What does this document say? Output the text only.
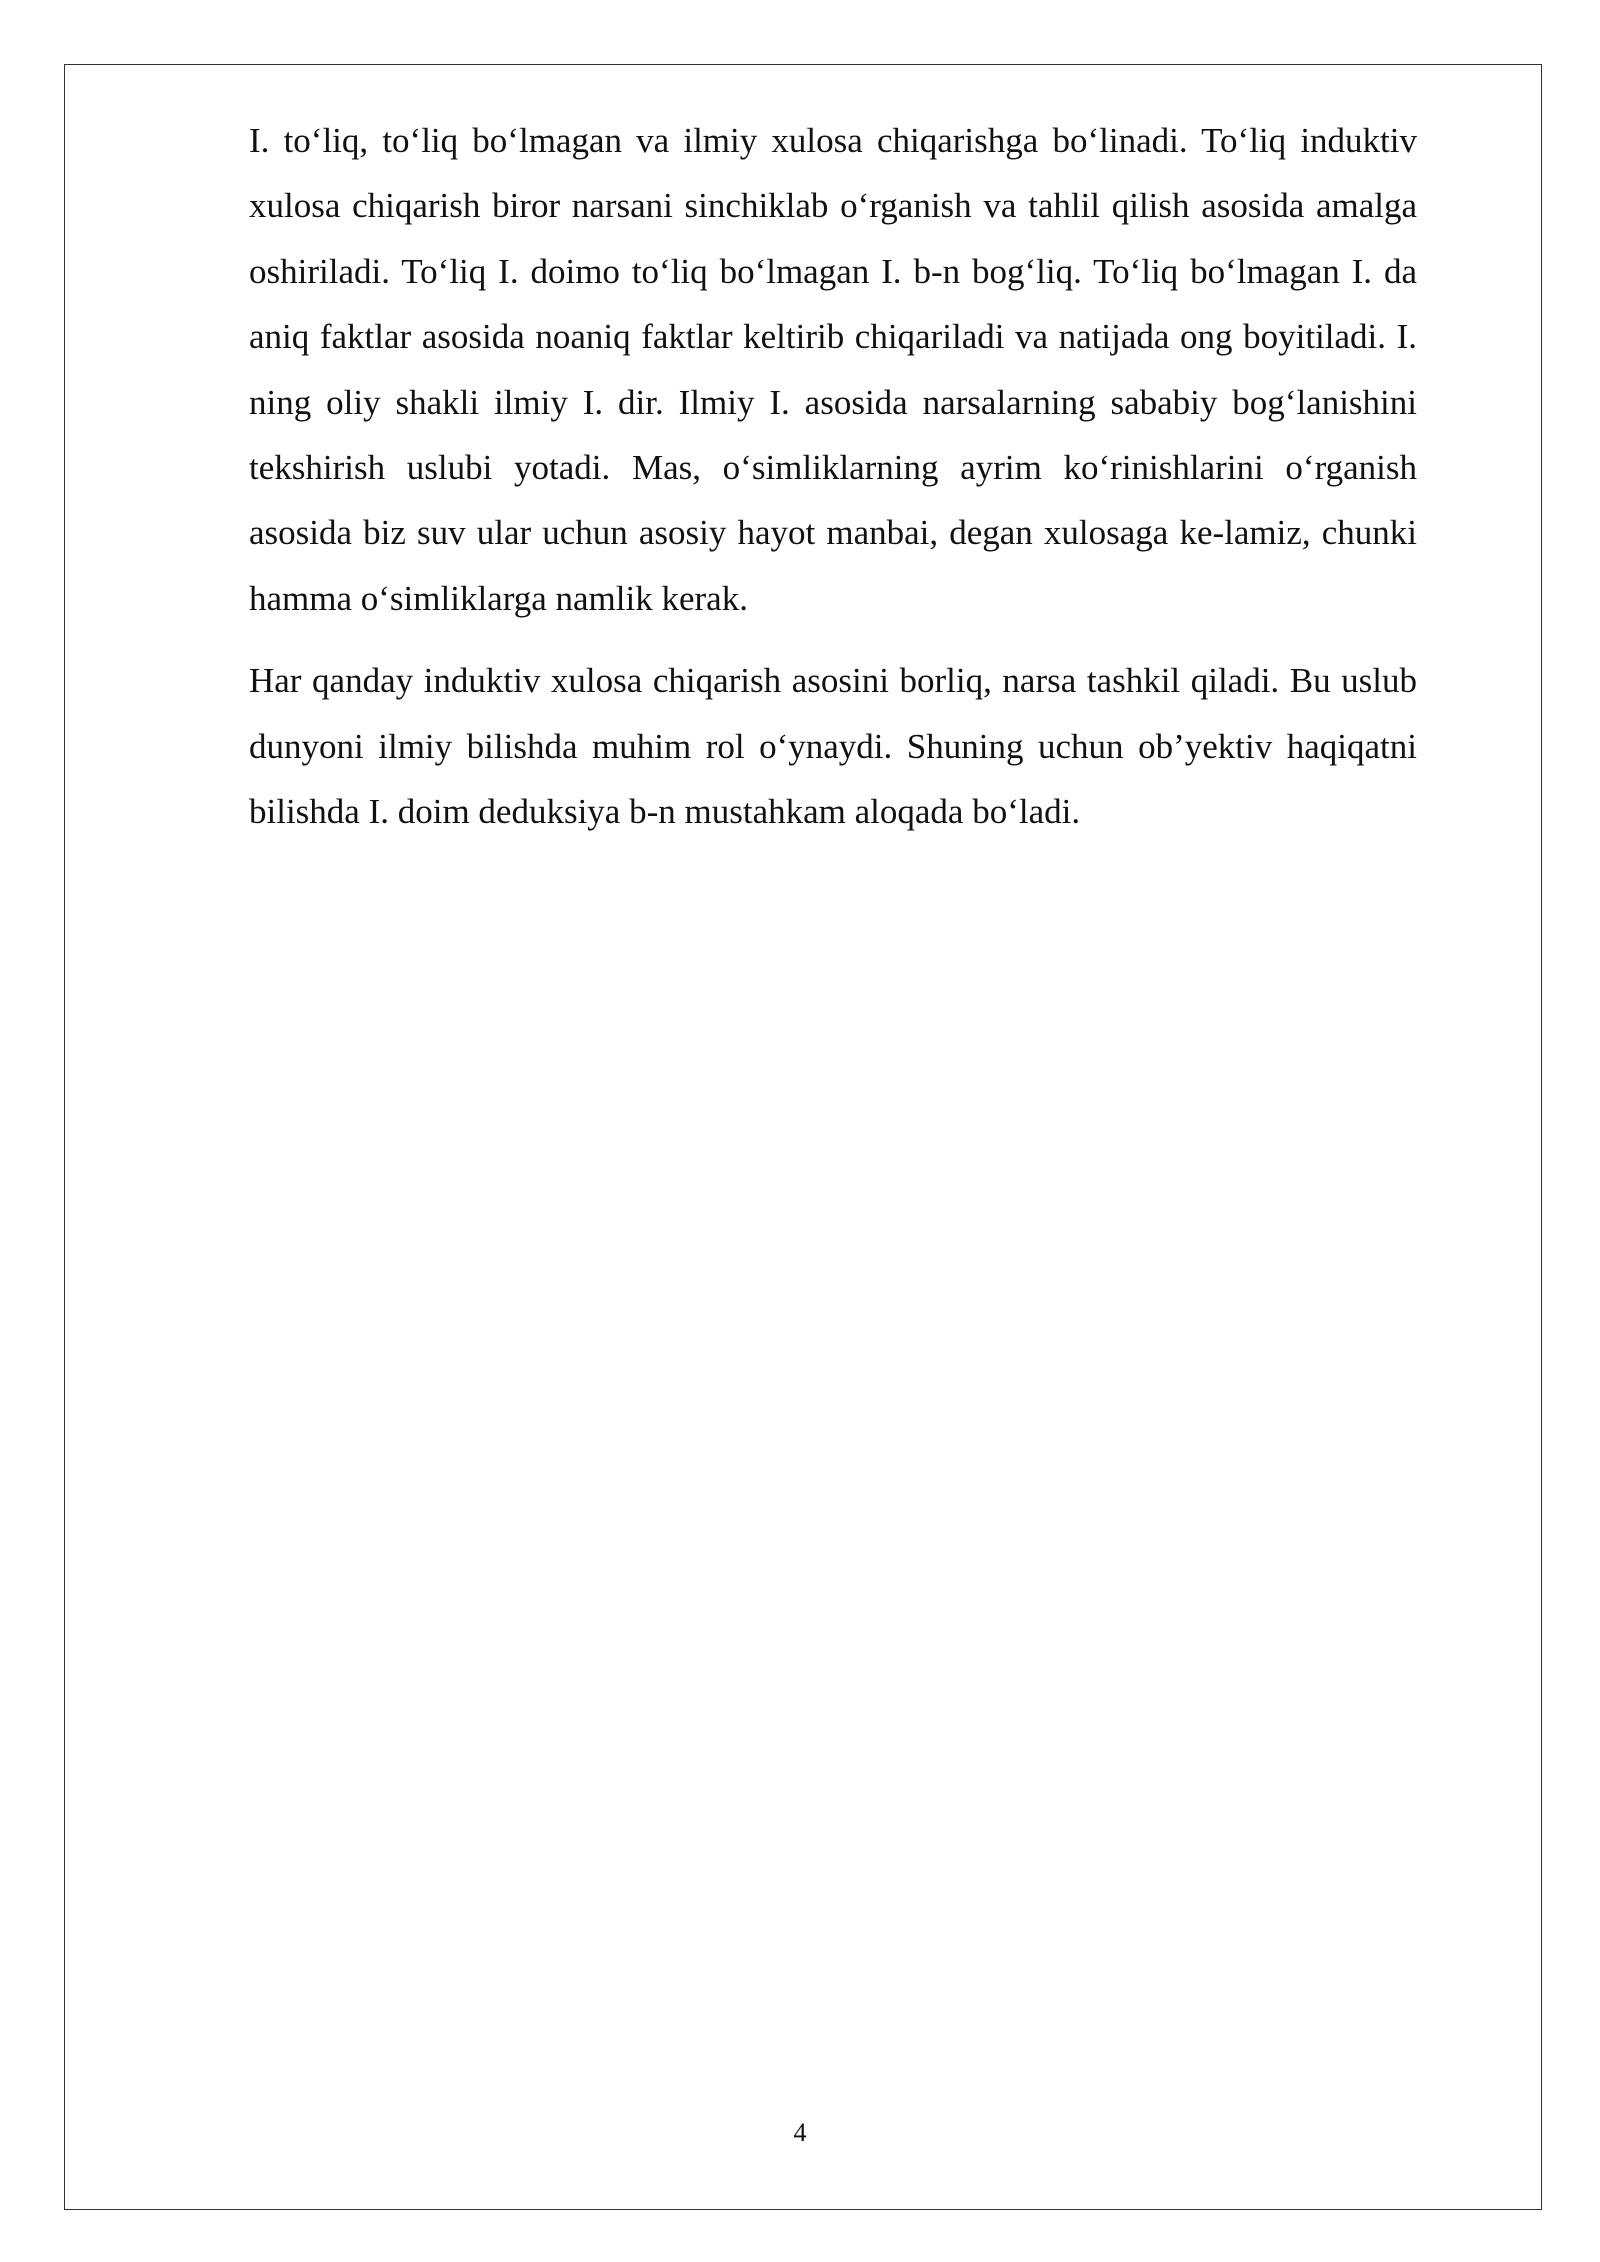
I. to‘liq, to‘liq bo‘lmagan va ilmiy xulosa chiqarishga bo‘linadi. To‘liq induktiv xulosa chiqarish biror narsani sinchiklab o‘rganish va tahlil qilish asosida amalga oshiriladi. To‘liq I. doimo to‘liq bo‘lmagan I. b-n bog‘liq. To‘liq bo‘lmagan I. da aniq faktlar asosida noaniq faktlar keltirib chiqariladi va natijada ong boyitiladi. I. ning oliy shakli ilmiy I. dir. Ilmiy I. asosida narsalarning sababiy bog‘lanishini tekshirish uslubi yotadi. Mas, o‘simliklarning ayrim ko‘rinishlarini o‘rganish asosida biz suv ular uchun asosiy hayot manbai, degan xulosaga ke-lamiz, chunki hamma o‘simliklarga namlik kerak.

Har qanday induktiv xulosa chiqarish asosini borliq, narsa tashkil qiladi. Bu uslub dunyoni ilmiy bilishda muhim rol o‘ynaydi. Shuning uchun ob’yektiv haqiqatni bilishda I. doim deduksiya b-n mustahkam aloqada bo‘ladi.

4
